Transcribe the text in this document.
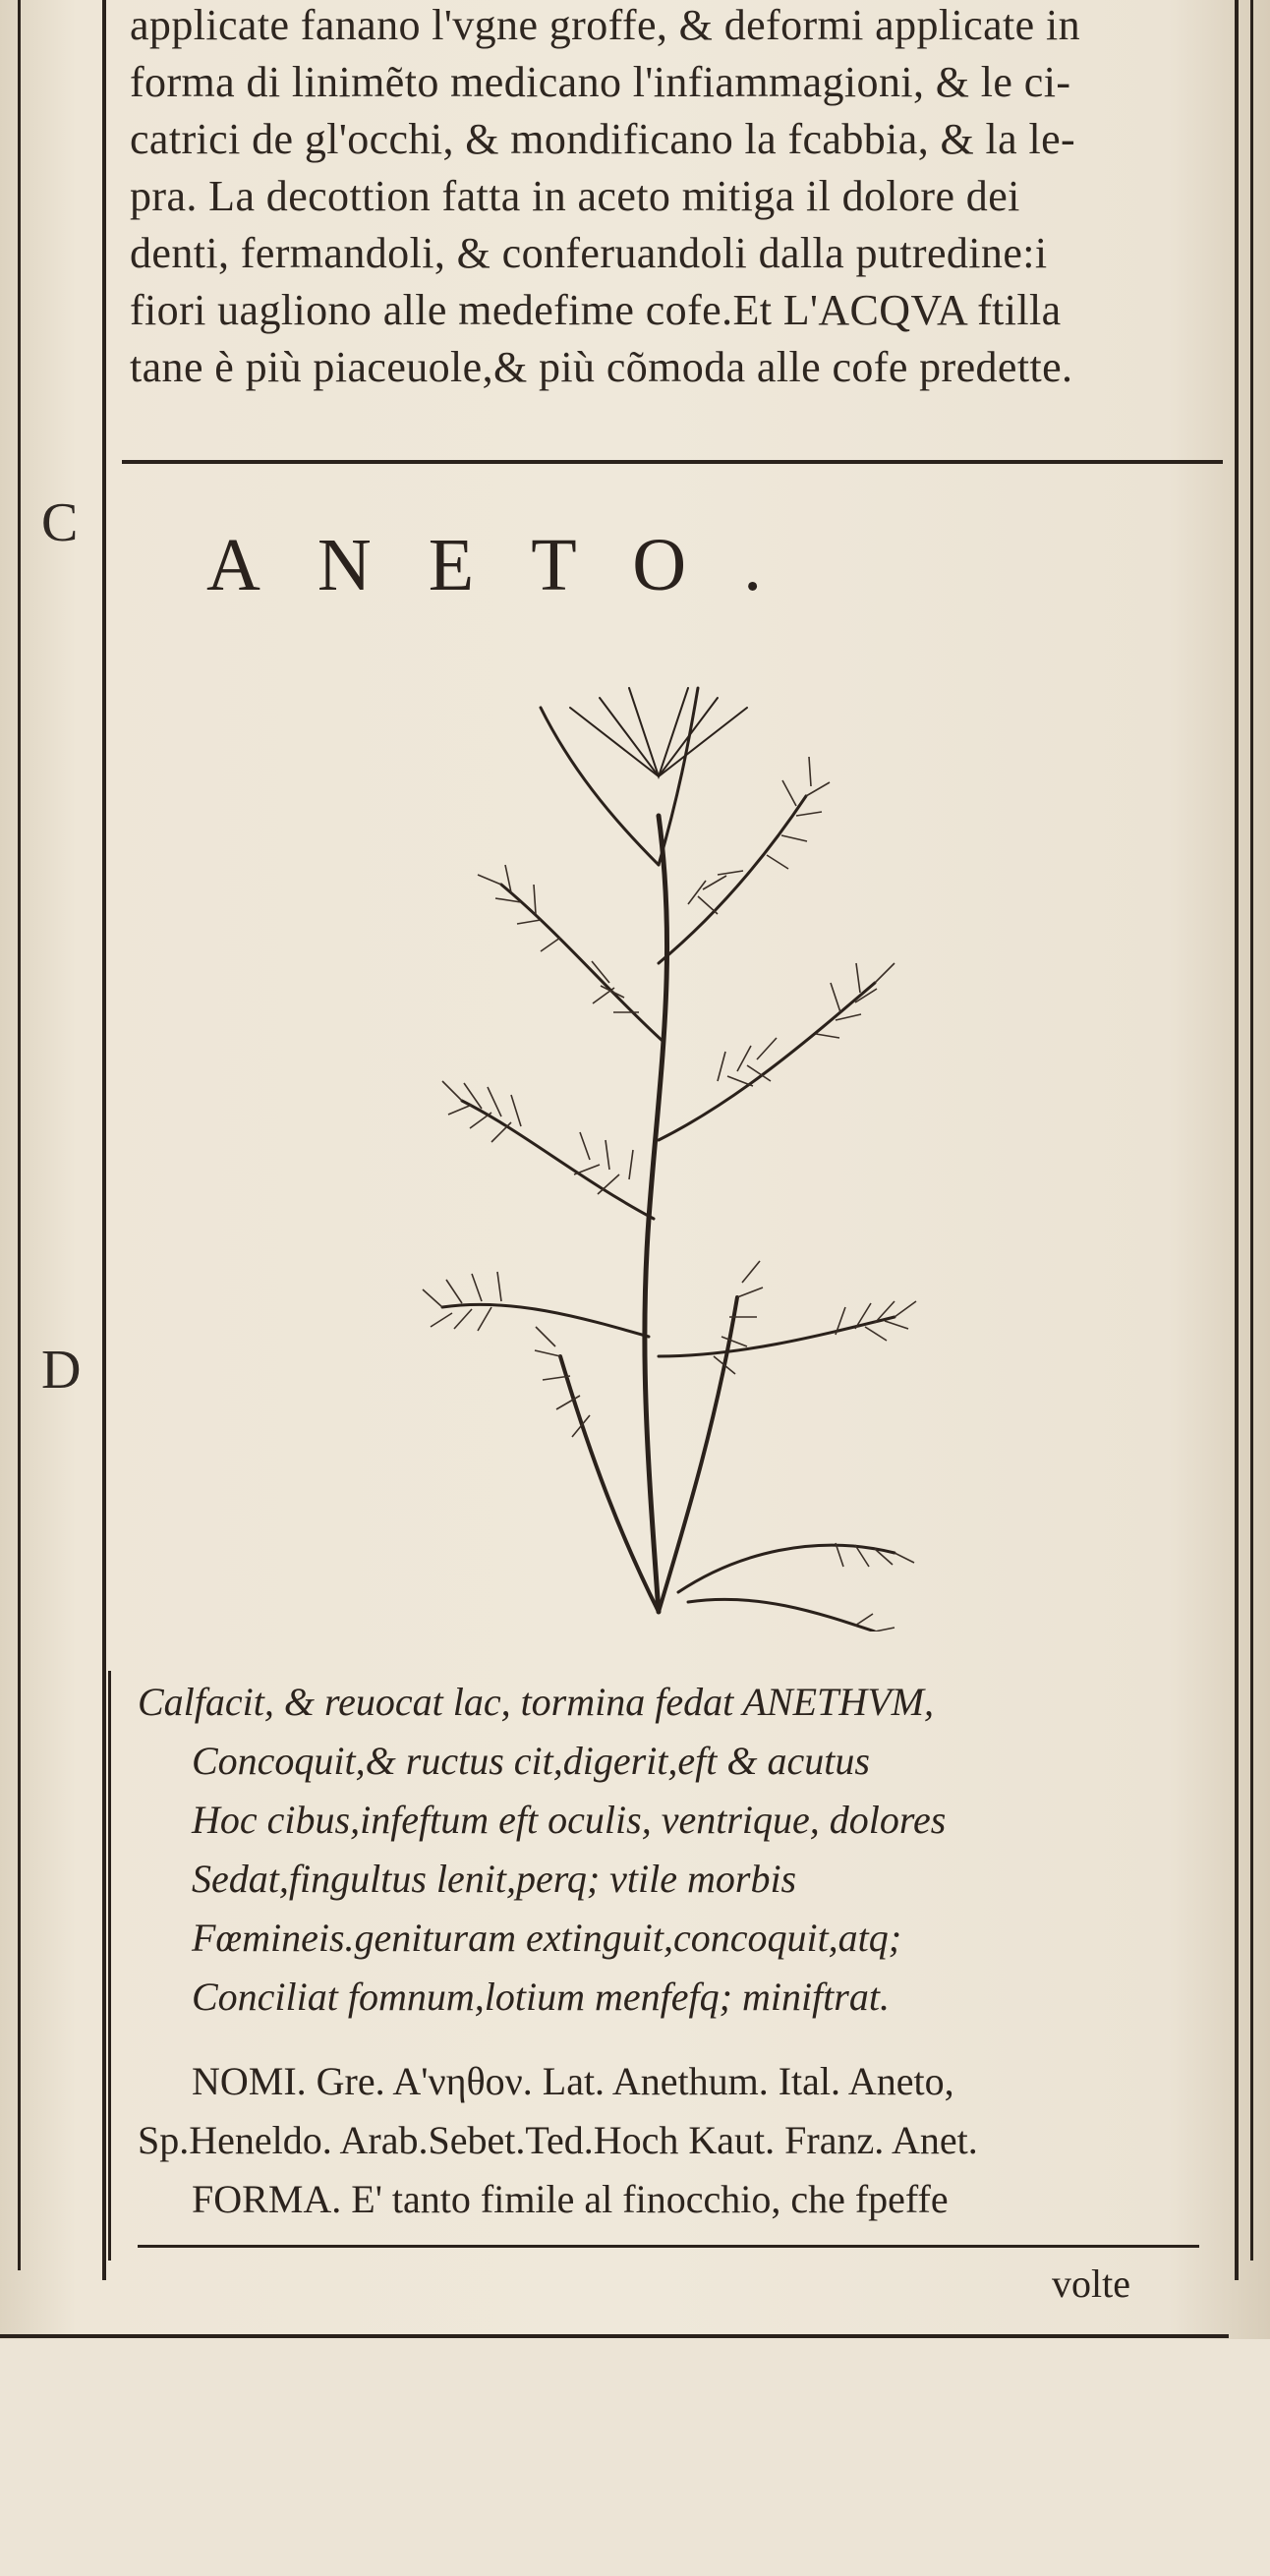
C
D
applicate fanano l'vgne groffe, & deformi applicate in
forma di linimẽto medicano l'infiammagioni, & le ci-
catrici de gl'occhi, & mondificano la fcabbia, & la le-
pra. La decottion fatta in aceto mitiga il dolore dei
denti, fermandoli, & conferuandoli dalla putredine:i
fiori uagliono alle medefime cofe.Et L'ACQVA ftilla
tane è più piaceuole,& più cõmoda alle cofe predette.
ANETO.
Calfacit, & reuocat lac, tormina fedat ANETHVM,
Concoquit,& ructus cit,digerit,eft & acutus
Hoc cibus,infeftum eft oculis, ventrique, dolores
Sedat,fingultus lenit,perq; vtile morbis
Fœmineis.genituram extinguit,concoquit,atq;
Conciliat fomnum,lotium menfefq; miniftrat.
NOMI. Gre. A'νηθον. Lat. Anethum. Ital. Aneto,
Sp.Heneldo. Arab.Sebet.Ted.Hoch Kaut. Franz. Anet.
FORMA. E' tanto fimile al finocchio, che fpeffe
volte
